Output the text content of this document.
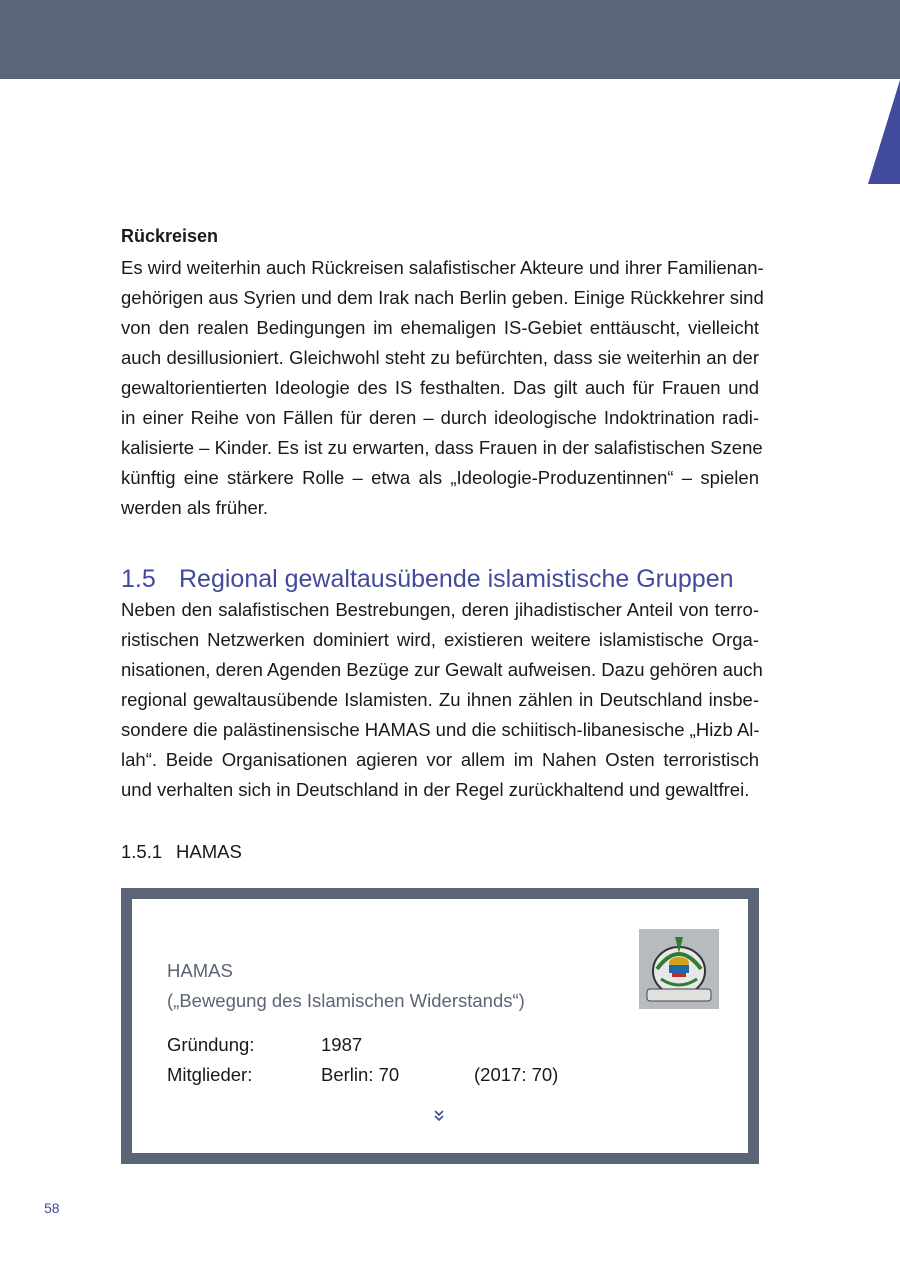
Rückreisen
Es wird weiterhin auch Rückreisen salafistischer Akteure und ihrer Familienan-
gehörigen aus Syrien und dem Irak nach Berlin geben. Einige Rückkehrer sind
von den realen Bedingungen im ehemaligen IS-Gebiet enttäuscht, vielleicht
auch desillusioniert. Gleichwohl steht zu befürchten, dass sie weiterhin an der
gewaltorientierten Ideologie des IS festhalten. Das gilt auch für Frauen und
in einer Reihe von Fällen für deren – durch ideologische Indoktrination radi-
kalisierte – Kinder. Es ist zu erwarten, dass Frauen in der salafistischen Szene
künftig eine stärkere Rolle – etwa als „Ideologie-Produzentinnen“ – spielen
werden als früher.
1.5 Regional gewaltausübende islamistische Gruppen
Neben den salafistischen Bestrebungen, deren jihadistischer Anteil von terro-
ristischen Netzwerken dominiert wird, existieren weitere islamistische Orga-
nisationen, deren Agenden Bezüge zur Gewalt aufweisen. Dazu gehören auch
regional gewaltausübende Islamisten. Zu ihnen zählen in Deutschland insbe-
sondere die palästinensische HAMAS und die schiitisch-libanesische „Hizb Al-
lah“. Beide Organisationen agieren vor allem im Nahen Osten terroristisch
und verhalten sich in Deutschland in der Regel zurückhaltend und gewaltfrei.
1.5.1 HAMAS
HAMAS
(„Bewegung des Islamischen Widerstands“)
Gründung:	1987
Mitglieder:	Berlin: 70	(2017: 70)
58
